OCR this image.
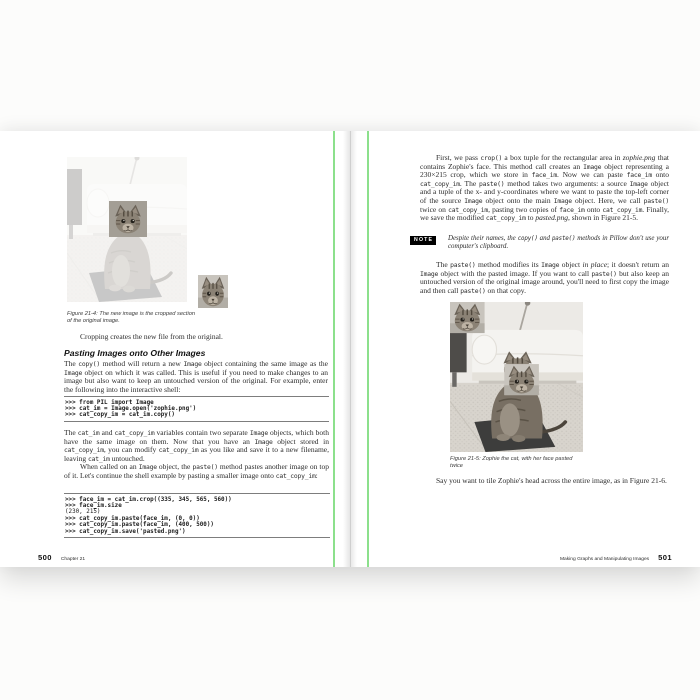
Figure 21-4: The new image is the cropped section of the original image.

Cropping creates the new file from the original.

Pasting Images onto Other Images

The copy() method will return a new Image object containing the same image as the Image object on which it was called. This is useful if you need to make changes to an image but also want to keep an untouched version of the original. For example, enter the following into the interactive shell:

>>> from PIL import Image
>>> cat_im = Image.open('zophie.png')
>>> cat_copy_im = cat_im.copy()

The cat_im and cat_copy_im variables contain two separate Image objects, which both have the same image on them. Now that you have an Image object stored in cat_copy_im, you can modify cat_copy_im as you like and save it to a new filename, leaving cat_im untouched.

When called on an Image object, the paste() method pastes another image on top of it. Let's continue the shell example by pasting a smaller image onto cat_copy_im:

>>> face_im = cat_im.crop((335, 345, 565, 560))
>>> face_im.size
(230, 215)
>>> cat_copy_im.paste(face_im, (0, 0))
>>> cat_copy_im.paste(face_im, (400, 500))
>>> cat_copy_im.save('pasted.png')
500 Chapter 21

First, we pass crop() a box tuple for the rectangular area in zophie.png that contains Zophie's face. This method call creates an Image object representing a 230×215 crop, which we store in face_im. Now we can paste face_im onto cat_copy_im. The paste() method takes two arguments: a source Image object and a tuple of the x- and y-coordinates where we want to paste the top-left corner of the source Image object onto the main Image object. Here, we call paste() twice on cat_copy_im, pasting two copies of face_im onto cat_copy_im. Finally, we save the modified cat_copy_im to pasted.png, shown in Figure 21-5.

NOTE	Despite their names, the copy() and paste() methods in Pillow don't use your computer's clipboard.

The paste() method modifies its Image object in place; it doesn't return an Image object with the pasted image. If you want to call paste() but also keep an untouched version of the original image around, you'll need to first copy the image and then call paste() on that copy.

Figure 21-5: Zophie the cat, with her face pasted twice

Say you want to tile Zophie's head across the entire image, as in Figure 21-6.

Making Graphs and Manipulating Images 501
